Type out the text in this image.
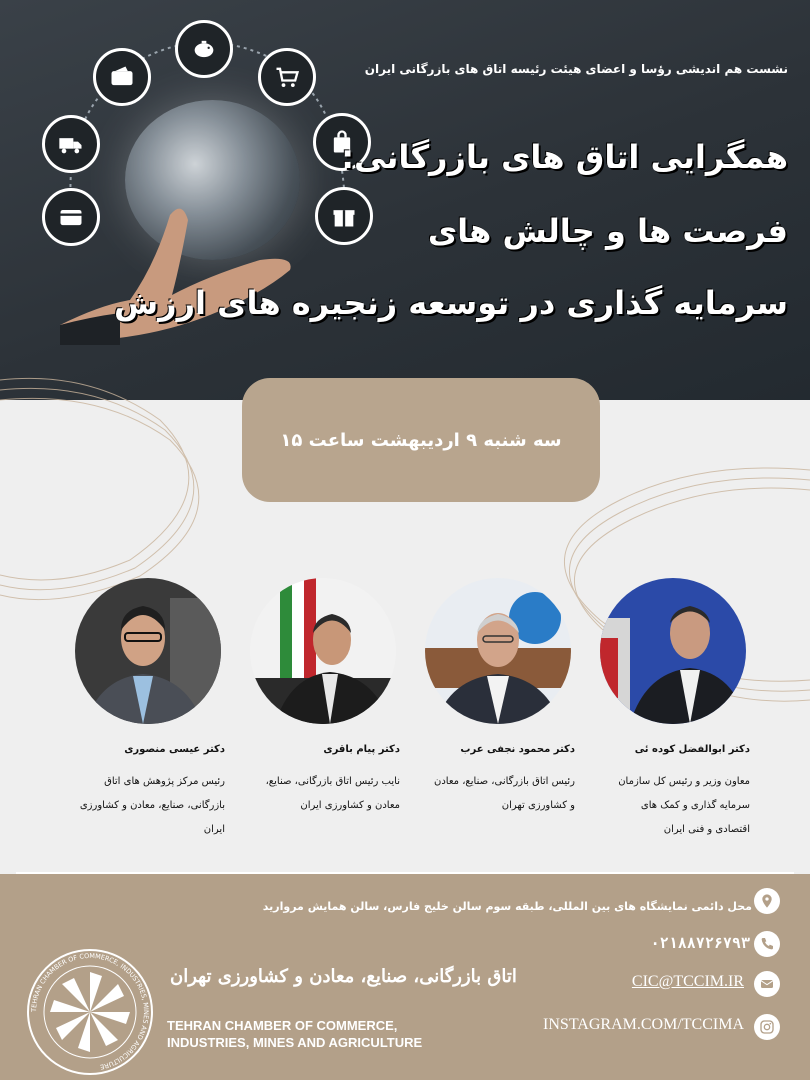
نشست هم اندیشی رؤسا و اعضای هیئت رئیسه اتاق های بازرگانی ایران
همگرایی اتاق های بازرگانی:
فرصت ها و چالش های
سرمایه گذاری در توسعه زنجیره های ارزش
سه شنبه ۹ اردیبهشت ساعت ۱۵
دکتر ابوالفضل کوده ئی
معاون وزیر و رئیس کل سازمان
سرمایه گذاری و کمک های
اقتصادی و فنی ایران
دکتر محمود نجفی عرب
رئیس اتاق بازرگانی، صنایع، معادن
و کشاورزی تهران
دکتر پیام باقری
نایب رئیس اتاق بازرگانی، صنایع،
معادن و کشاورزی ایران
دکتر عیسی منصوری
رئیس مرکز پژوهش های اتاق
بازرگانی، صنایع، معادن و کشاورزی
ایران
محل دائمی نمایشگاه های بین المللی، طبقه سوم سالن خلیج فارس، سالن همایش مروارید
۰۲۱۸۸۷۲۶۷۹۳
CIC@TCCIM.IR
INSTAGRAM.COM/TCCIMA
TEHRAN CHAMBER OF COMMERCE, INDUSTRIES, MINES AND AGRICULTURE
اتاق بازرگانی، صنایع، معادن و کشاورزی تهران
TEHRAN CHAMBER OF COMMERCE,
INDUSTRIES, MINES AND AGRICULTURE
